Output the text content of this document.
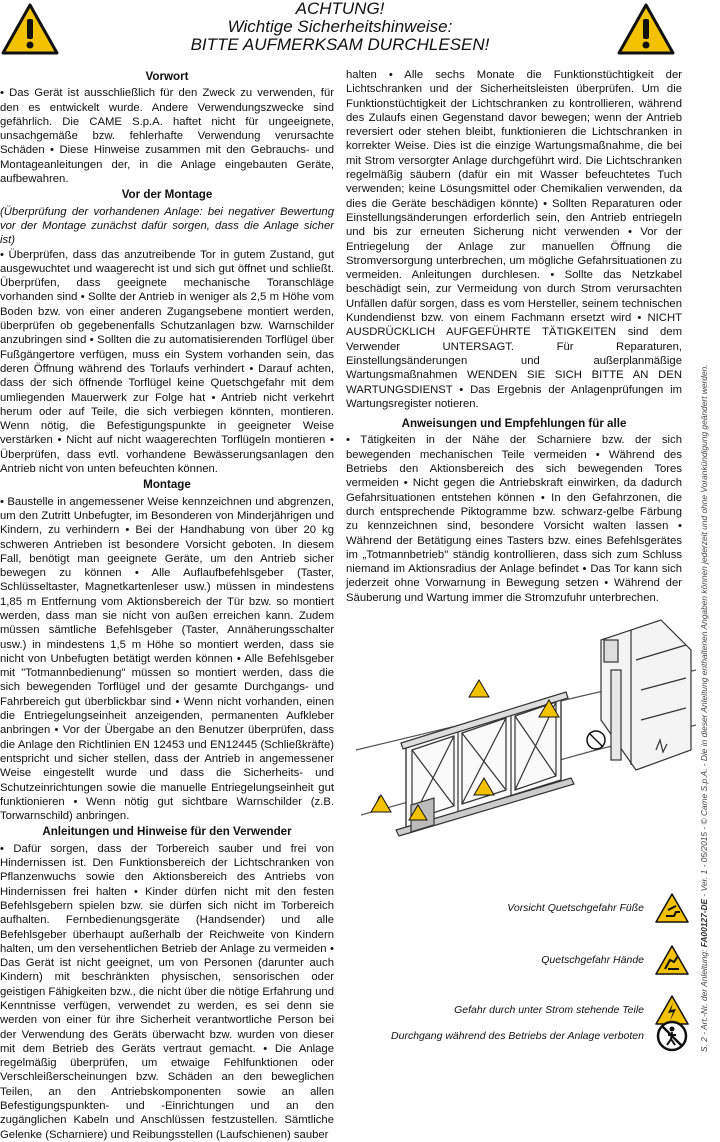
ACHTUNG!
Wichtige Sicherheitshinweise:
BITTE AUFMERKSAM DURCHLESEN!
Vorwort

• Das Gerät ist ausschließlich für den Zweck zu verwenden, für den es entwickelt wurde. Andere Verwendungszwecke sind gefährlich. Die CAME S.p.A. haftet nicht für ungeeignete, unsachgemäße bzw. fehlerhafte Verwendung verursachte Schäden • Diese Hinweise zusammen mit den Gebrauchs- und Montageanleitungen der, in die Anlage eingebauten Geräte, aufbewahren.

Vor der Montage

(Überprüfung der vorhandenen Anlage: bei negativer Bewertung vor der Montage zunächst dafür sorgen, dass die Anlage sicher ist)

• Überprüfen, dass das anzutreibende Tor in gutem Zustand, gut ausgewuchtet und waagerecht ist und sich gut öffnet und schließt. Überprüfen, dass geeignete mechanische Toranschläge vorhanden sind • Sollte der Antrieb in weniger als 2,5 m Höhe vom Boden bzw. von einer anderen Zugangsebene montiert werden, überprüfen ob gegebenenfalls Schutzanlagen bzw. Warnschilder anzubringen sind • Sollten die zu automatisierenden Torflügel über Fußgängertore verfügen, muss ein System vorhanden sein, das deren Öffnung während des Torlaufs verhindert • Darauf achten, dass der sich öffnende Torflügel keine Quetschgefahr mit dem umliegenden Mauerwerk zur Folge hat • Antrieb nicht verkehrt herum oder auf Teile, die sich verbiegen könnten, montieren. Wenn nötig, die Befestigungspunkte in geeigneter Weise verstärken • Nicht auf nicht waagerechten Torflügeln montieren • Überprüfen, dass evtl. vorhandene Bewässerungsanlagen den Antrieb nicht von unten befeuchten können.

Montage

• Baustelle in angemessener Weise kennzeichnen und abgrenzen, um den Zutritt Unbefugter, im Besonderen von Minderjährigen und Kindern, zu verhindern • Bei der Handhabung von über 20 kg schweren Antrieben ist besondere Vorsicht geboten. In diesem Fall, benötigt man geeignete Geräte, um den Antrieb sicher bewegen zu können • Alle Auflaufbefehlsgeber (Taster, Schlüsseltaster, Magnetkartenleser usw.) müssen in mindestens 1,85 m Entfernung vom Aktionsbereich der Tür bzw. so montiert werden, dass man sie nicht von außen erreichen kann. Zudem müssen sämtliche Befehlsgeber (Taster, Annäherungsschalter usw.) in mindestens 1,5 m Höhe so montiert werden, dass sie nicht von Unbefugten betätigt werden können • Alle Befehlsgeber mit "Totmannbedienung" müssen so montiert werden, dass die sich bewegenden Torflügel und der gesamte Durchgangs- und Fahrbereich gut überblickbar sind • Wenn nicht vorhanden, einen die Entriegelungseinheit anzeigenden, permanenten Aufkleber anbringen • Vor der Übergabe an den Benutzer überprüfen, dass die Anlage den Richtlinien EN 12453 und EN12445 (Schließkräfte) entspricht und sicher stellen, dass der Antrieb in angemessener Weise eingestellt wurde und dass die Sicherheits- und Schutzeinrichtungen sowie die manuelle Entriegelungseinheit gut funktionieren • Wenn nötig gut sichtbare Warnschilder (z.B. Torwarnschild) anbringen.

Anleitungen und Hinweise für den Verwender

• Dafür sorgen, dass der Torbereich sauber und frei von Hindernissen ist. Den Funktionsbereich der Lichtschranken von Pflanzenwuchs sowie den Aktionsbereich des Antriebs von Hindernissen frei halten • Kinder dürfen nicht mit den festen Befehlsgebern spielen bzw. sie dürfen sich nicht im Torbereich aufhalten. Fernbedienungsgeräte (Handsender) und alle Befehlsgeber überhaupt außerhalb der Reichweite von Kindern halten, um den versehentlichen Betrieb der Anlage zu vermeiden • Das Gerät ist nicht geeignet, um von Personen (darunter auch Kindern) mit beschränkten physischen, sensorischen oder geistigen Fähigkeiten bzw., die nicht über die nötige Erfahrung und Kenntnisse verfügen, verwendet zu werden, es sei denn sie werden von einer für ihre Sicherheit verantwortliche Person bei der Verwendung des Geräts überwacht bzw. wurden von dieser mit dem Betrieb des Geräts vertraut gemacht. • Die Anlage regelmäßig überprüfen, um etwaige Fehlfunktionen oder Verschleißerscheinungen bzw. Schäden an den beweglichen Teilen, an den Antriebskomponenten sowie an allen Befestigungspunkten- und -Einrichtungen und an den zugänglichen Kabeln und Anschlüssen festzustellen. Sämtliche Gelenke (Scharniere) und Reibungsstellen (Laufschienen) sauber

halten • Alle sechs Monate die Funktionstüchtigkeit der Lichtschranken und der Sicherheitsleisten überprüfen. Um die Funktionstüchtigkeit der Lichtschranken zu kontrollieren, während des Zulaufs einen Gegenstand davor bewegen; wenn der Antrieb reversiert oder stehen bleibt, funktionieren die Lichtschranken in korrekter Weise. Dies ist die einzige Wartungsmaßnahme, die bei mit Strom versorgter Anlage durchgeführt wird. Die Lichtschranken regelmäßig säubern (dafür ein mit Wasser befeuchtetes Tuch verwenden; keine Lösungsmittel oder Chemikalien verwenden, da dies die Geräte beschädigen könnte) • Sollten Reparaturen oder Einstellungsänderungen erforderlich sein, den Antrieb entriegeln und bis zur erneuten Sicherung nicht verwenden • Vor der Entriegelung der Anlage zur manuellen Öffnung die Stromversorgung unterbrechen, um mögliche Gefahrsituationen zu vermeiden. Anleitungen durchlesen. • Sollte das Netzkabel beschädigt sein, zur Vermeidung von durch Strom verursachten Unfällen dafür sorgen, dass es vom Hersteller, seinem technischen Kundendienst bzw. von einem Fachmann ersetzt wird • NICHT AUSDRÜCKLICH AUFGEFÜHRTE TÄTIGKEITEN sind dem Verwender UNTERSAGT. Für Reparaturen, Einstellungsänderungen und außerplanmäßige Wartungsmaßnahmen WENDEN SIE SICH BITTE AN DEN WARTUNGSDIENST • Das Ergebnis der Anlagenprüfungen im Wartungsregister notieren.

Anweisungen und Empfehlungen für alle

• Tätigkeiten in der Nähe der Scharniere bzw. der sich bewegenden mechanischen Teile vermeiden • Während des Betriebs den Aktionsbereich des sich bewegenden Tores vermeiden • Nicht gegen die Antriebskraft einwirken, da dadurch Gefahrsituationen entstehen können • In den Gefahrzonen, die durch entsprechende Piktogramme bzw. schwarz-gelbe Färbung zu kennzeichnen sind, besondere Vorsicht walten lassen • Während der Betätigung eines Tasters bzw. eines Befehlsgerätes im „Totmannbetrieb" ständig kontrollieren, dass sich zum Schluss niemand im Aktionsradius der Anlage befindet • Das Tor kann sich jederzeit ohne Vorwarnung in Bewegung setzen • Während der Säuberung und Wartung immer die Stromzufuhr unterbrechen.

Vorsicht Quetschgefahr Füße
Quetschgefahr Hände
Gefahr durch unter Strom stehende Teile
Durchgang während des Betriebs der Anlage verboten	S. 2 - Art.-Nr. der Anleitung: FA00127-DE - Ver. 1 - 05/2015 - © Came S.p.A. - Die in dieser Anleitung enthaltenen Angaben können jederzeit und ohne Vorankündigung geändert werden.
